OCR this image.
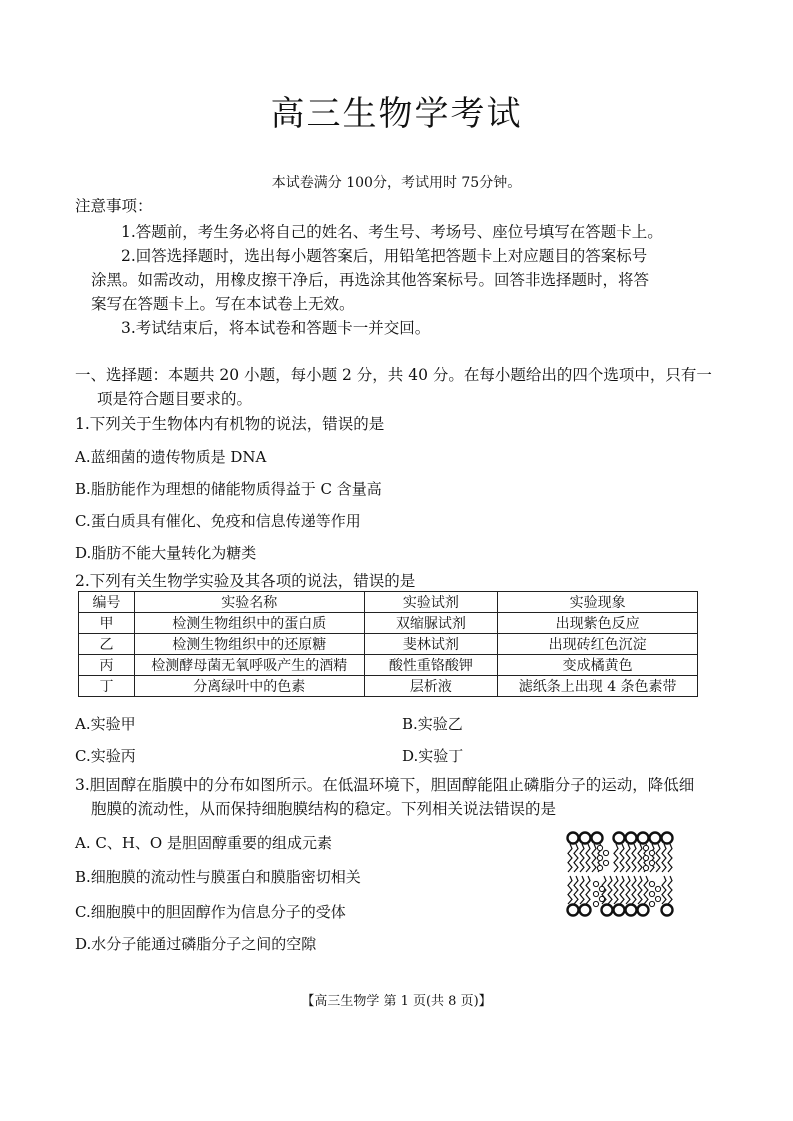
高三生物学考试
本试卷满分 100分，考试用时 75分钟。
注意事项：
1.答题前，考生务必将自己的姓名、考生号、考场号、座位号填写在答题卡上。
2.回答选择题时，选出每小题答案后，用铅笔把答题卡上对应题目的答案标号
涂黑。如需改动，用橡皮擦干净后，再选涂其他答案标号。回答非选择题时，将答
案写在答题卡上。写在本试卷上无效。
3.考试结束后，将本试卷和答题卡一并交回。
一、选择题：本题共 20 小题，每小题 2 分，共 40 分。在每小题给出的四个选项中，只有一
项是符合题目要求的。
1.下列关于生物体内有机物的说法，错误的是
A.蓝细菌的遗传物质是 DNA
B.脂肪能作为理想的储能物质得益于 C 含量高
C.蛋白质具有催化、免疫和信息传递等作用
D.脂肪不能大量转化为糖类
2.下列有关生物学实验及其各项的说法，错误的是
编号	实验名称	实验试剂	实验现象
甲	检测生物组织中的蛋白质	双缩脲试剂	出现紫色反应
乙	检测生物组织中的还原糖	斐林试剂	出现砖红色沉淀
丙	检测酵母菌无氧呼吸产生的酒精	酸性重铬酸钾	变成橘黄色
丁	分离绿叶中的色素	层析液	滤纸条上出现 4 条色素带
A.实验甲	B.实验乙
C.实验丙	D.实验丁
3.胆固醇在脂膜中的分布如图所示。在低温环境下，胆固醇能阻止磷脂分子的运动，降低细
胞膜的流动性，从而保持细胞膜结构的稳定。下列相关说法错误的是
A. C、H、O 是胆固醇重要的组成元素
B.细胞膜的流动性与膜蛋白和膜脂密切相关
C.细胞膜中的胆固醇作为信息分子的受体
D.水分子能通过磷脂分子之间的空隙
【高三生物学 第 1 页(共 8 页)】
